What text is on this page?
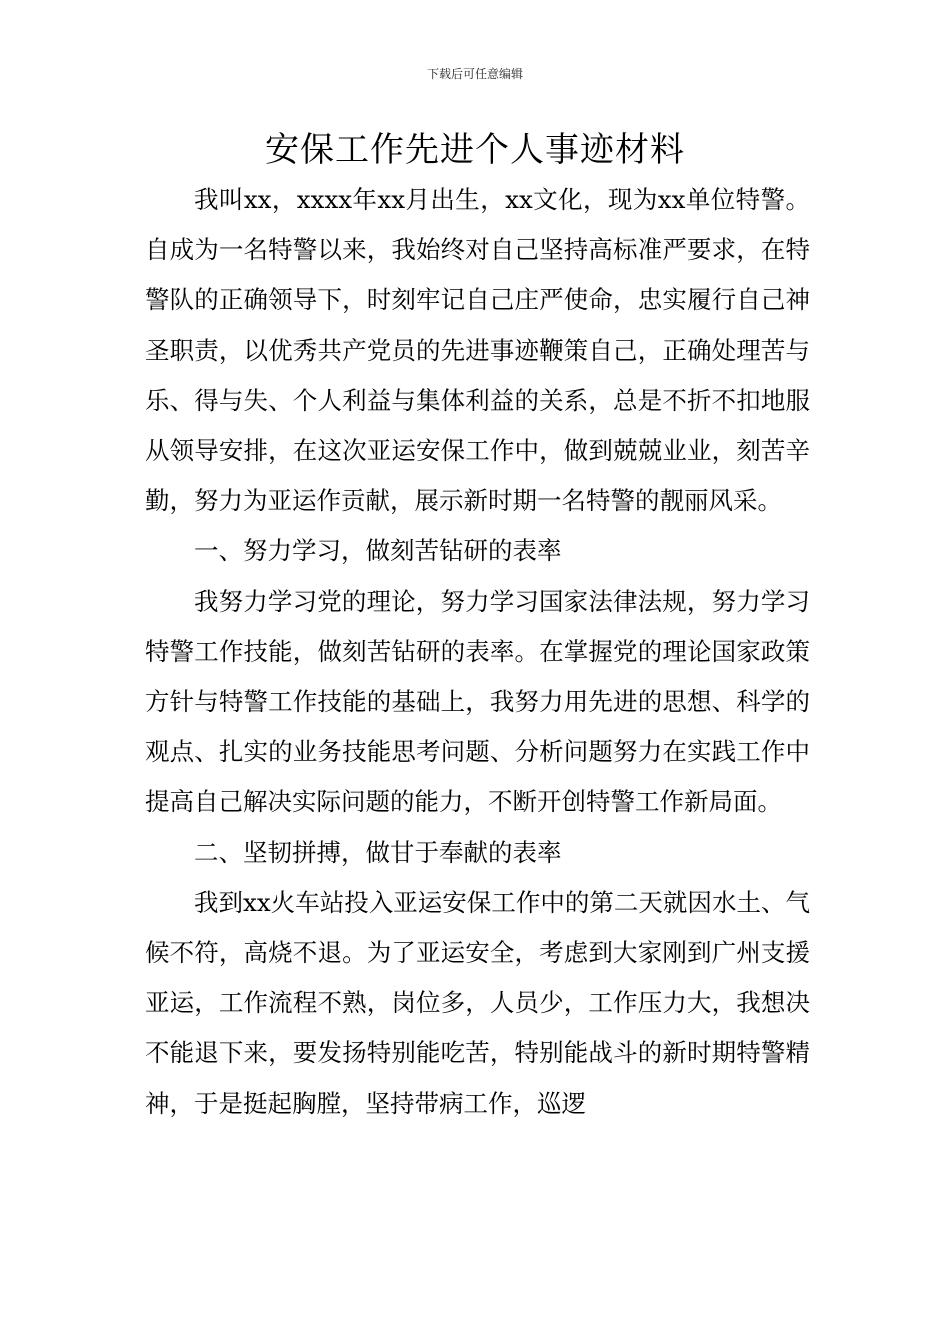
下载后可任意编辑
安保工作先进个人事迹材料

我叫xx，xxxx年xx月出生，xx文化，现为xx单位特警。自成为一名特警以来，我始终对自己坚持高标准严要求，在特警队的正确领导下，时刻牢记自己庄严使命，忠实履行自己神圣职责，以优秀共产党员的先进事迹鞭策自己，正确处理苦与乐、得与失、个人利益与集体利益的关系，总是不折不扣地服从领导安排，在这次亚运安保工作中，做到兢兢业业，刻苦辛勤，努力为亚运作贡献，展示新时期一名特警的靓丽风采。

一、努力学习，做刻苦钻研的表率

我努力学习党的理论，努力学习国家法律法规，努力学习特警工作技能，做刻苦钻研的表率。在掌握党的理论国家政策方针与特警工作技能的基础上，我努力用先进的思想、科学的观点、扎实的业务技能思考问题、分析问题努力在实践工作中提高自己解决实际问题的能力，不断开创特警工作新局面。

二、坚韧拼搏，做甘于奉献的表率

我到xx火车站投入亚运安保工作中的第二天就因水土、气候不符，高烧不退。为了亚运安全，考虑到大家刚到广州支援亚运，工作流程不熟，岗位多，人员少，工作压力大，我想决不能退下来，要发扬特别能吃苦，特别能战斗的新时期特警精神，于是挺起胸膛，坚持带病工作，巡逻
